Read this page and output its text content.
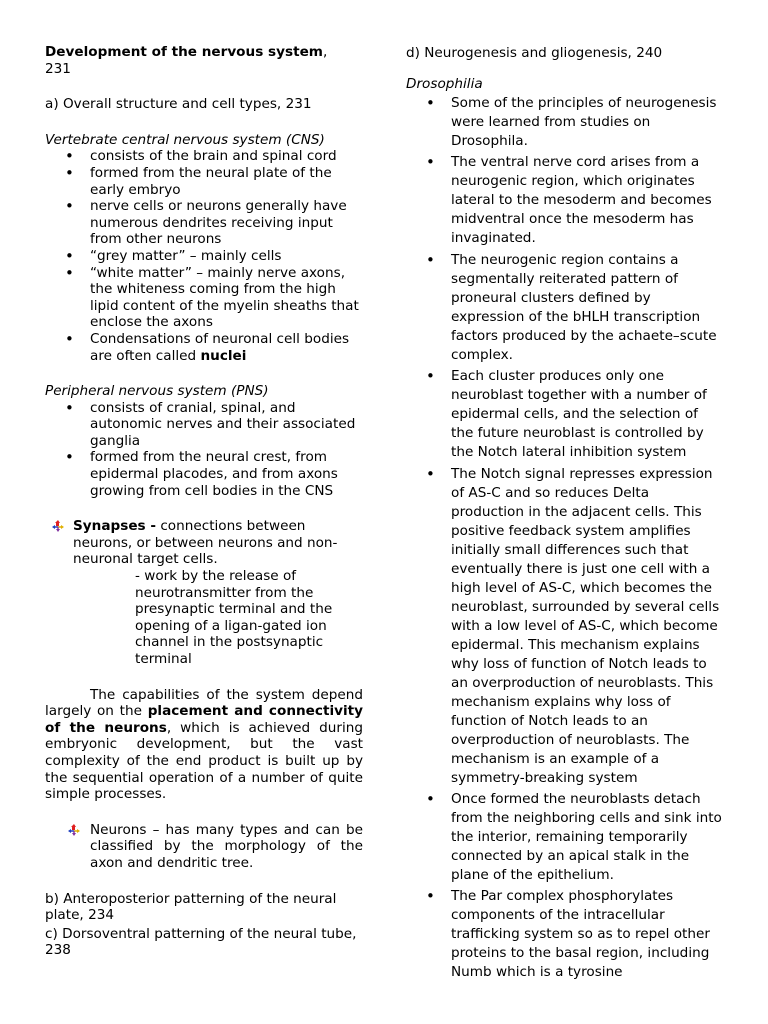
Development of the nervous system,
231

a) Overall structure and cell types, 231

Vertebrate central nervous system (CNS)

• consists of the brain and spinal cord
• formed from the neural plate of the early embryo
• nerve cells or neurons generally have numerous dendrites receiving input from other neurons
• “grey matter” – mainly cells
• “white matter” – mainly nerve axons, the whiteness coming from the high lipid content of the myelin sheaths that enclose the axons
• Condensations of neuronal cell bodies are often called nuclei

Peripheral nervous system (PNS)

• consists of cranial, spinal, and autonomic nerves and their associated ganglia
• formed from the neural crest, from epidermal placodes, and from axons growing from cell bodies in the CNS
Synapses - connections between neurons, or between neurons and non-neuronal target cells.

- work by the release of neurotransmitter from the presynaptic terminal and the opening of a ligan-gated ion channel in the postsynaptic terminal

The capabilities of the system depend largely on the placement and connectivity of the neurons, which is achieved during embryonic development, but the vast complexity of the end product is built up by the sequential operation of a number of quite simple processes.

Neurons – has many types and can be classified by the morphology of the axon and dendritic tree.

b) Anteroposterior patterning of the neural plate, 234

c) Dorsoventral patterning of the neural tube, 238

d) Neurogenesis and gliogenesis, 240

Drosophilia

• Some of the principles of neurogenesis were learned from studies on Drosophila.
• The ventral nerve cord arises from a neurogenic region, which originates lateral to the mesoderm and becomes midventral once the mesoderm has invaginated.
• The neurogenic region contains a segmentally reiterated pattern of proneural clusters defined by expression of the bHLH transcription factors produced by the achaete–scute complex.
• Each cluster produces only one neuroblast together with a number of epidermal cells, and the selection of the future neuroblast is controlled by the Notch lateral inhibition system
• The Notch signal represses expression of AS-C and so reduces Delta production in the adjacent cells. This positive feedback system amplifies initially small differences such that eventually there is just one cell with a high level of AS-C, which becomes the neuroblast, surrounded by several cells with a low level of AS-C, which become epidermal. This mechanism explains why loss of function of Notch leads to an overproduction of neuroblasts. This mechanism explains why loss of function of Notch leads to an overproduction of neuroblasts. The mechanism is an example of a symmetry-breaking system
• Once formed the neuroblasts detach from the neighboring cells and sink into the interior, remaining temporarily connected by an apical stalk in the plane of the epithelium.
• The Par complex phosphorylates components of the intracellular trafficking system so as to repel other proteins to the basal region, including Numb which is a tyrosine
